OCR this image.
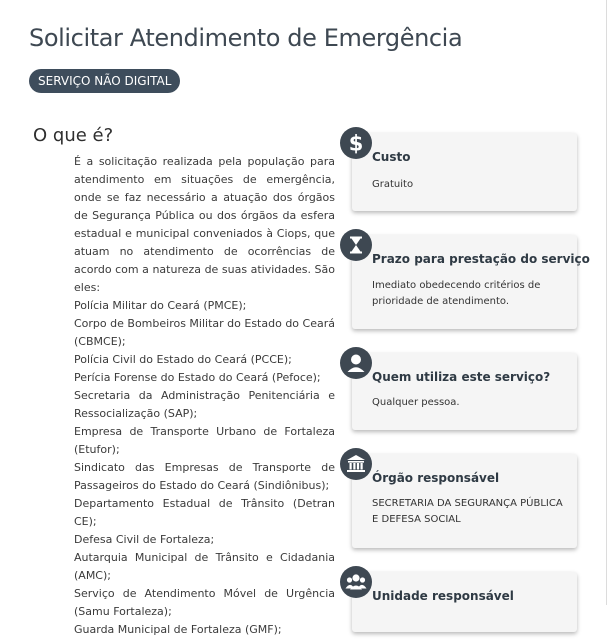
Solicitar Atendimento de Emergência
SERVIÇO NÃO DIGITAL
O que é?

É a solicitação realizada pela população para atendimento em situações de emergência, onde se faz necessário a atuação dos órgãos de Segurança Pública ou dos órgãos da esfera estadual e municipal conveniados à Ciops, que atuam no atendimento de ocorrências de acordo com a natureza de suas atividades. São eles:

Polícia Militar do Ceará (PMCE);

Corpo de Bombeiros Militar do Estado do Ceará (CBMCE);

Polícia Civil do Estado do Ceará (PCCE);

Perícia Forense do Estado do Ceará (Pefoce);

Secretaria da Administração Penitenciária e Ressocialização (SAP);

Empresa de Transporte Urbano de Fortaleza (Etufor);

Sindicato das Empresas de Transporte de Passageiros do Estado do Ceará (Sindiônibus);

Departamento Estadual de Trânsito (Detran CE);

Defesa Civil de Fortaleza;

Autarquia Municipal de Trânsito e Cidadania (AMC);

Serviço de Atendimento Móvel de Urgência (Samu Fortaleza);

Guarda Municipal de Fortaleza (GMF);

$
Custo
Gratuito
Prazo para prestação do serviço
Imediato obedecendo critérios de prioridade de atendimento.
Quem utiliza este serviço?
Qualquer pessoa.
Órgão responsável
SECRETARIA DA SEGURANÇA PÚBLICA E DEFESA SOCIAL
Unidade responsável
